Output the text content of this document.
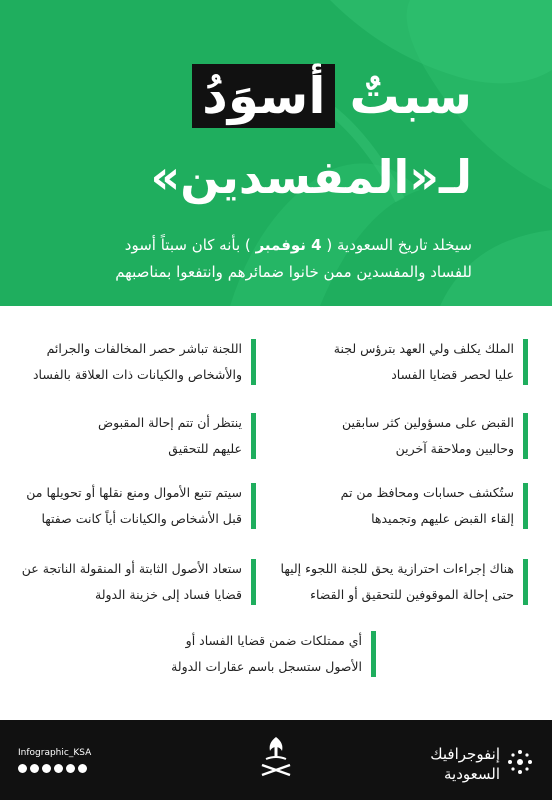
سبتٌ
أسوَدُ
لـ«المفسدين»
سيخلد تاريخ السعودية ( 4 نوفمبر ) بأنه كان سبتاً أسود
للفساد والمفسدين ممن خانوا ضمائرهم وانتفعوا بمناصبهم
الملك يكلف ولي العهد بترؤس لجنة
عليا لحصر قضايا الفساد
اللجنة تباشر حصر المخالفات والجرائم
والأشخاص والكيانات ذات العلاقة بالفساد
القبض على مسؤولين كثر سابقين
وحاليين وملاحقة آخرين
ينتظر أن تتم إحالة المقبوض
عليهم للتحقيق
ستُكشف حسابات ومحافظ من تم
إلقاء القبض عليهم وتجميدها
سيتم تتبع الأموال ومنع نقلها أو تحويلها من
قبل الأشخاص والكيانات أياً كانت صفتها
هناك إجراءات احترازية يحق للجنة اللجوء إليها
حتى إحالة الموقوفين للتحقيق أو القضاء
ستعاد الأصول الثابتة أو المنقولة الناتجة عن
قضايا فساد إلى خزينة الدولة
أي ممتلكات ضمن قضايا الفساد أو
الأصول ستسجل باسم عقارات الدولة
Infographic_KSA	إنفوجرافيك
السعودية
